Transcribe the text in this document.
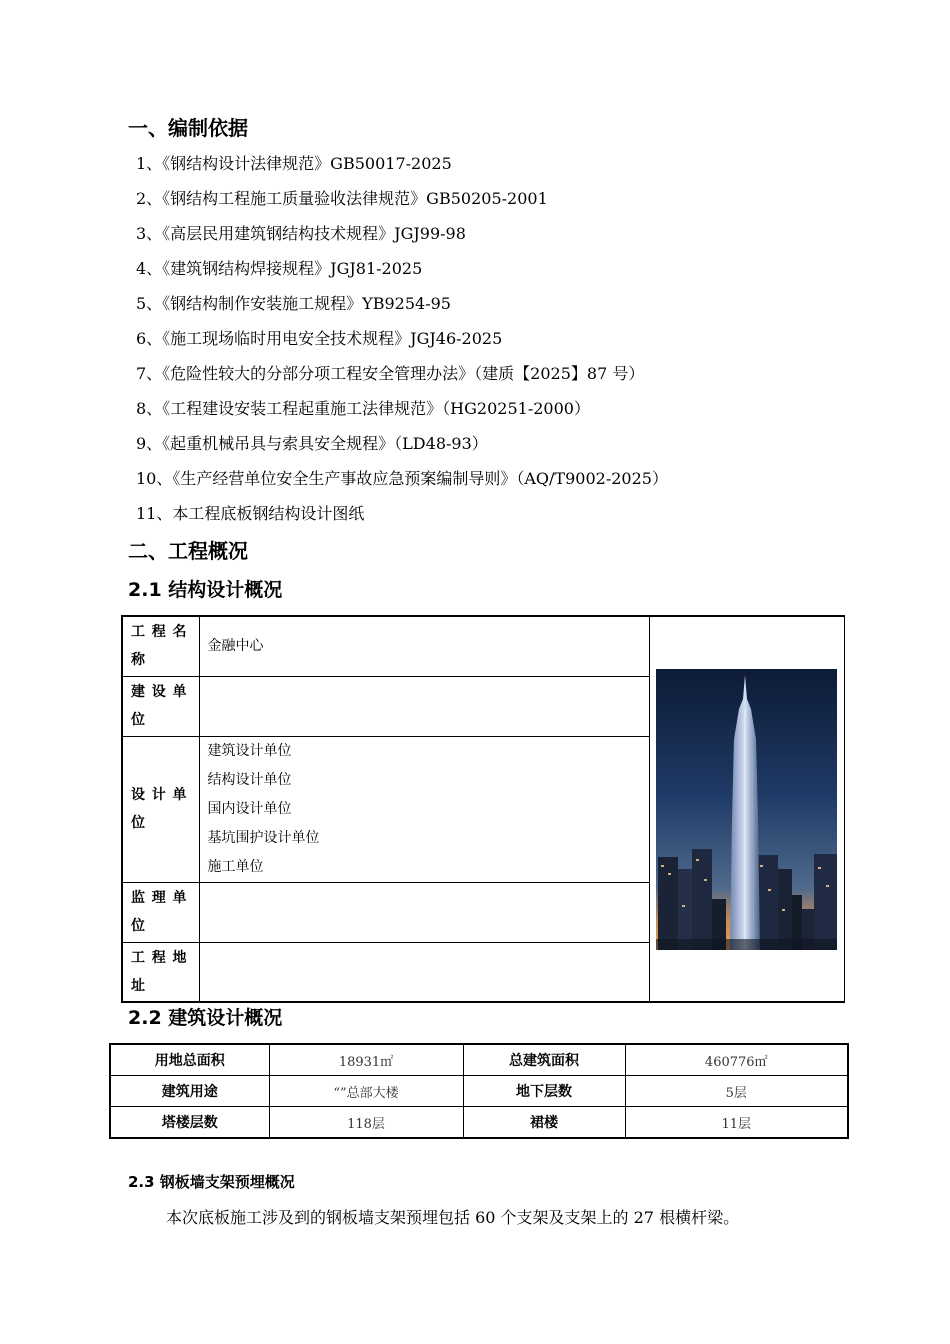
一、编制依据
1、《钢结构设计法律规范》GB50017-2025
2、《钢结构工程施工质量验收法律规范》GB50205-2001
3、《高层民用建筑钢结构技术规程》JGJ99-98
4、《建筑钢结构焊接规程》JGJ81-2025
5、《钢结构制作安装施工规程》YB9254-95
6、《施工现场临时用电安全技术规程》JGJ46-2025
7、《危险性较大的分部分项工程安全管理办法》（建质【2025】87 号）
8、《工程建设安装工程起重施工法律规范》（HG20251-2000）
9、《起重机械吊具与索具安全规程》（LD48-93）
10、《生产经营单位安全生产事故应急预案编制导则》（AQ/T9002-2025）
11、本工程底板钢结构设计图纸
二、工程概况
2.1 结构设计概况
工程名称	金融中心	

建设单位		
设计单位	建筑设计单位
结构设计单位
国内设计单位
基坑围护设计单位
施工单位	

监理单位		
工程地址		
2.2 建筑设计概况
用地总面积	18931㎡	总建筑面积	460776㎡
建筑用途	“”总部大楼	地下层数	5层
塔楼层数	118层	裙楼	11层
2.3 钢板墙支架预埋概况
本次底板施工涉及到的钢板墙支架预埋包括 60 个支架及支架上的 27 根横杆梁。
